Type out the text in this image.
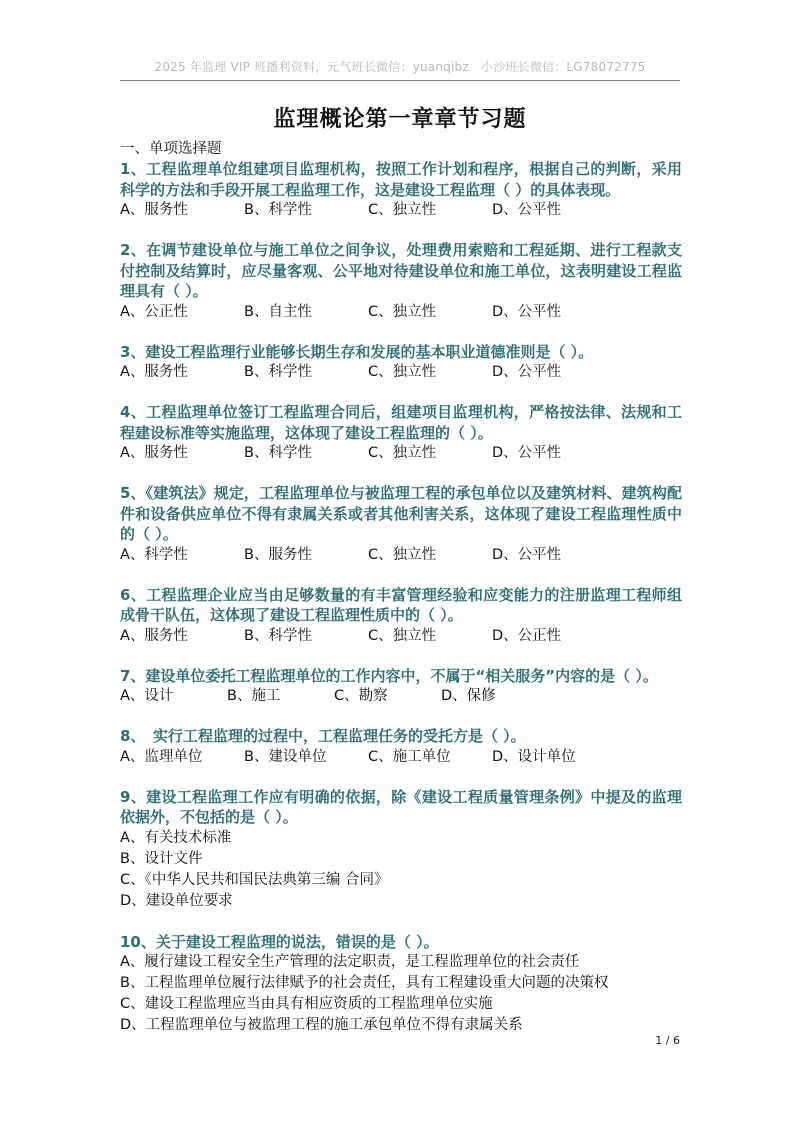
2025 年监理 VIP 班播利资料，元气班长微信：yuanqibz　小沙班长微信：LG78072775
监理概论第一章章节习题
一、单项选择题
1、工程监理单位组建项目监理机构，按照工作计划和程序，根据自己的判断，采用科学的方法和手段开展工程监理工作，这是建设工程监理（ ）的具体表现。
A、服务性	B、科学性	C、独立性	D、公平性
2、在调节建设单位与施工单位之间争议，处理费用索赔和工程延期、进行工程款支付控制及结算时，应尽量客观、公平地对待建设单位和施工单位，这表明建设工程监理具有（ ）。
A、公正性	B、自主性	C、独立性	D、公平性
3、建设工程监理行业能够长期生存和发展的基本职业道德准则是（ ）。
A、服务性	B、科学性	C、独立性	D、公平性
4、工程监理单位签订工程监理合同后，组建项目监理机构，严格按法律、法规和工程建设标准等实施监理，这体现了建设工程监理的（ ）。
A、服务性	B、科学性	C、独立性	D、公平性
5、《建筑法》规定，工程监理单位与被监理工程的承包单位以及建筑材料、建筑构配件和设备供应单位不得有隶属关系或者其他利害关系，这体现了建设工程监理性质中的（ ）。
A、科学性	B、服务性	C、独立性	D、公平性
6、工程监理企业应当由足够数量的有丰富管理经验和应变能力的注册监理工程师组成骨干队伍，这体现了建设工程监理性质中的（ ）。
A、服务性	B、科学性	C、独立性	D、公正性
7、建设单位委托工程监理单位的工作内容中，不属于“相关服务”内容的是（ ）。
A、设计	B、施工	C、勘察	D、保修
8、　实行工程监理的过程中，工程监理任务的受托方是（ ）。
A、监理单位	B、建设单位	C、施工单位	D、设计单位
9、建设工程监理工作应有明确的依据，除《建设工程质量管理条例》中提及的监理依据外，不包括的是（ ）。
A、有关技术标准
B、设计文件
C、《中华人民共和国民法典第三编 合同》
D、建设单位要求
10、关于建设工程监理的说法，错误的是（ ）。
A、履行建设工程安全生产管理的法定职责，是工程监理单位的社会责任
B、工程监理单位履行法律赋予的社会责任，具有工程建设重大问题的决策权
C、建设工程监理应当由具有相应资质的工程监理单位实施
D、工程监理单位与被监理工程的施工承包单位不得有隶属关系
1 / 6
